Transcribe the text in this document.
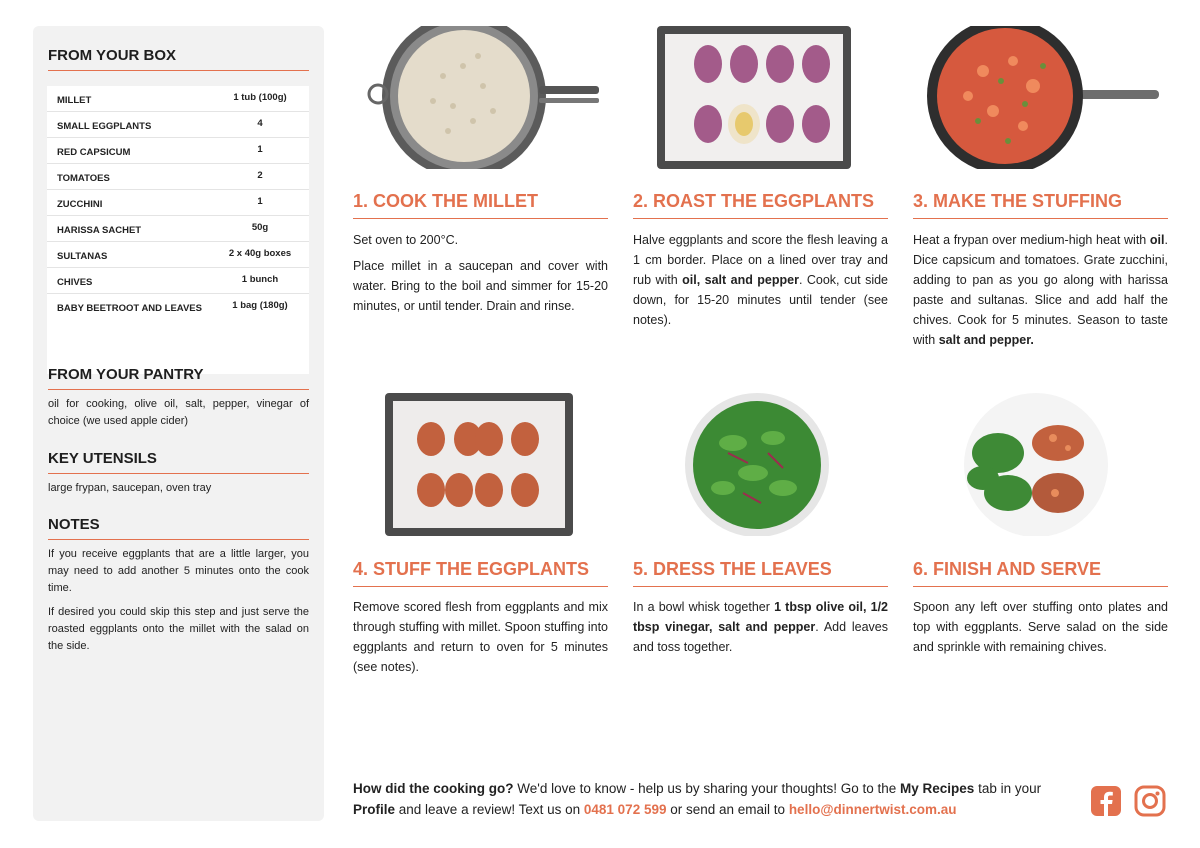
FROM YOUR BOX
MILLET	1 tub (100g)
SMALL EGGPLANTS	4
RED CAPSICUM	1
TOMATOES	2
ZUCCHINI	1
HARISSA SACHET	50g
SULTANAS	2 x 40g boxes
CHIVES	1 bunch
BABY BEETROOT AND LEAVES	1 bag (180g)
FROM YOUR PANTRY
oil for cooking, olive oil, salt, pepper, vinegar of choice (we used apple cider)
KEY UTENSILS
large frypan, saucepan, oven tray
NOTES
If you receive eggplants that are a little larger, you may need to add another 5 minutes onto the cook time.
If desired you could skip this step and just serve the roasted eggplants onto the millet with the salad on the side.
1. COOK THE MILLET

Set oven to 200°C.

Place millet in a saucepan and cover with water. Bring to the boil and simmer for 15-20 minutes, or until tender. Drain and rinse.

2. ROAST THE EGGPLANTS

Halve eggplants and score the flesh leaving a 1 cm border. Place on a lined over tray and rub with oil, salt and pepper. Cook, cut side down, for 15-20 minutes until tender (see notes).

3. MAKE THE STUFFING

Heat a frypan over medium-high heat with oil. Dice capsicum and tomatoes. Grate zucchini, adding to pan as you go along with harissa paste and sultanas. Slice and add half the chives. Cook for 5 minutes. Season to taste with salt and pepper.

4. STUFF THE EGGPLANTS

Remove scored flesh from eggplants and mix through stuffing with millet. Spoon stuffing into eggplants and return to oven for 5 minutes (see notes).

5. DRESS THE LEAVES

In a bowl whisk together 1 tbsp olive oil, 1/2 tbsp vinegar, salt and pepper. Add leaves and toss together.

6. FINISH AND SERVE

Spoon any left over stuffing onto plates and top with eggplants. Serve salad on the side and sprinkle with remaining chives.

How did the cooking go? We'd love to know - help us by sharing your thoughts! Go to the My Recipes tab in your Profile and leave a review! Text us on 0481 072 599 or send an email to hello@dinnertwist.com.au
